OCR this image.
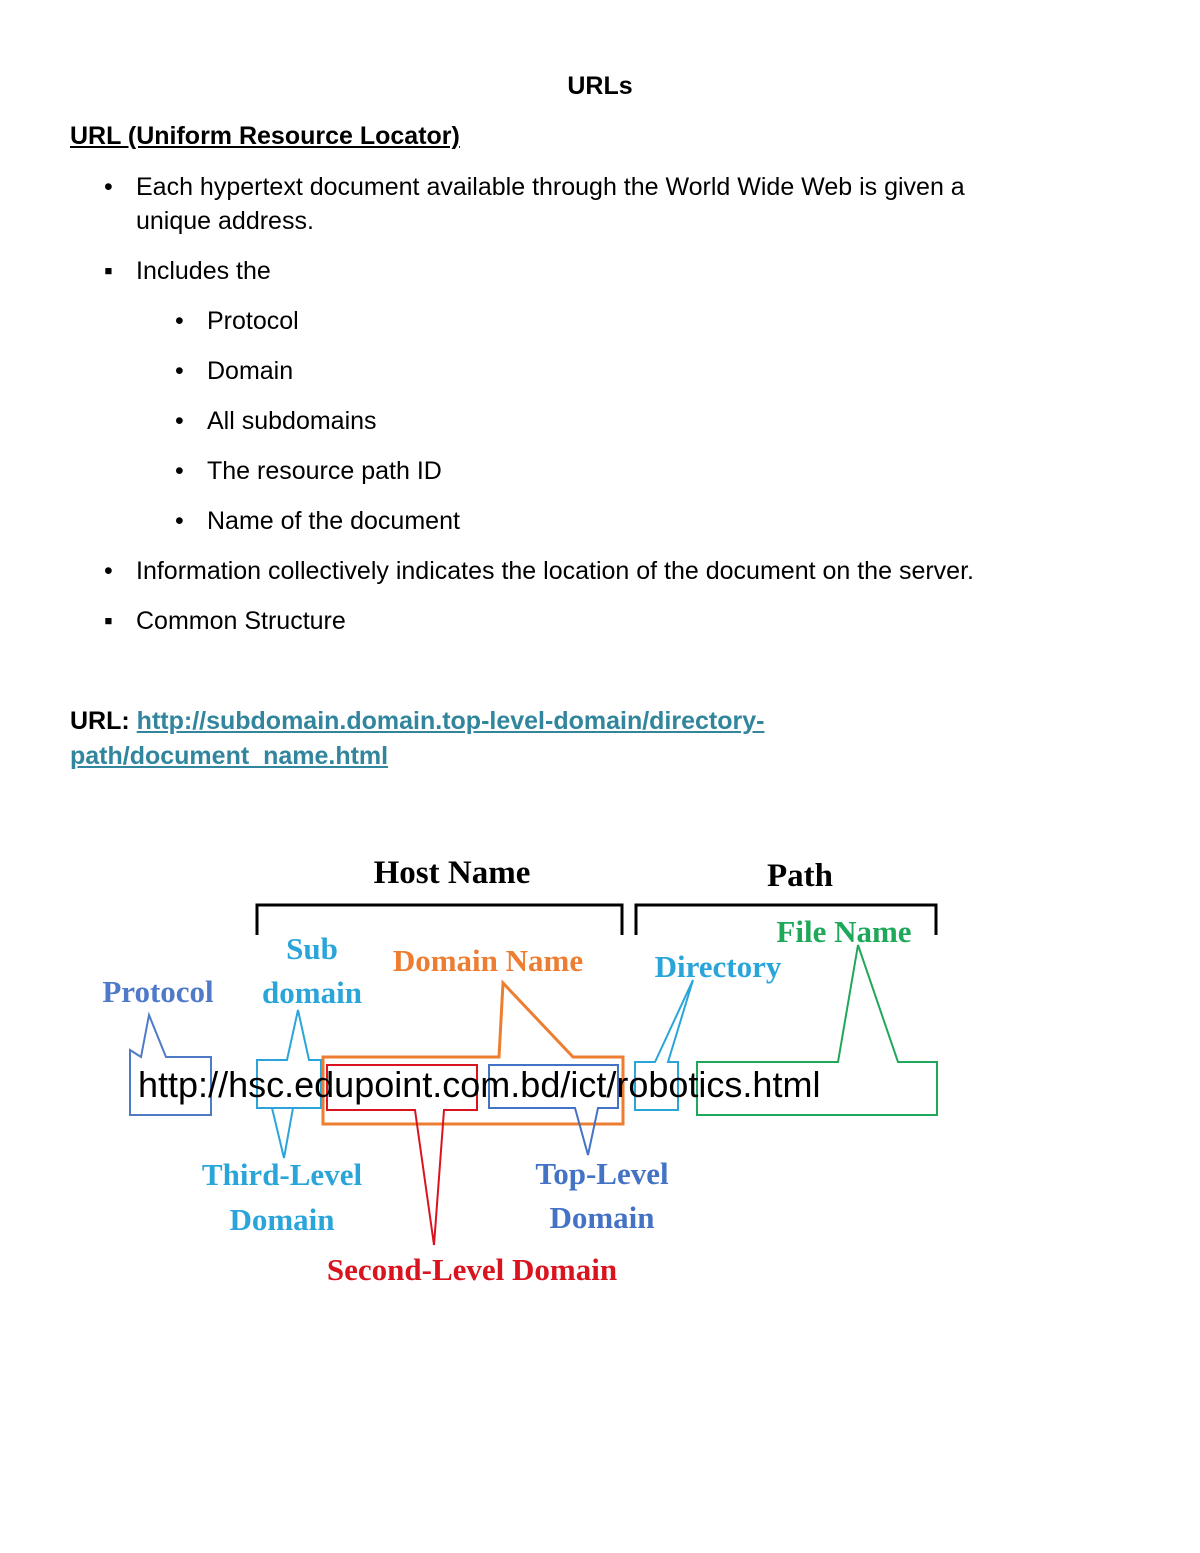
URLs
URL (Uniform Resource Locator)
• Each hypertext document available through the World Wide Web is given a
unique address.
▪ Includes the
• Protocol
• Domain
• All subdomains
• The resource path ID
• Name of the document
• Information collectively indicates the location of the document on the server.
▪ Common Structure
URL: http://subdomain.domain.top-level-domain/directory-
path/document_name.html
Host Name	Path
File Name
Sub
domain
Domain Name Directory
Protocol
http://hsc.edupoint.com.bd/ict/robotics.html
Third-Level
Domain
Top-Level
Domain
Second-Level Domain
